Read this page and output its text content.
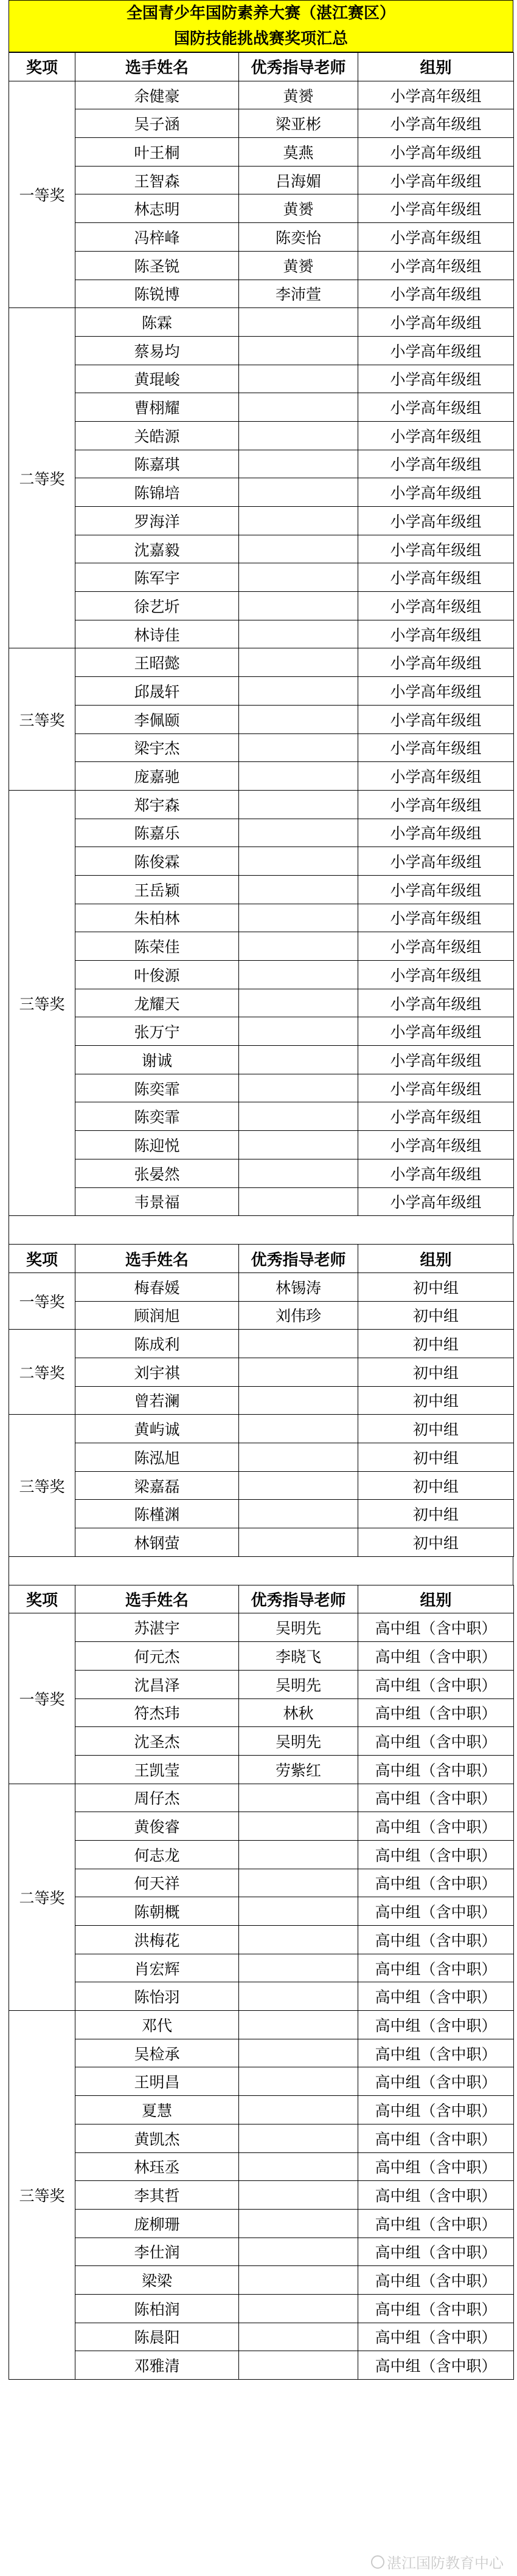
全国青少年国防素养大赛（湛江赛区）
国防技能挑战赛奖项汇总
奖项	选手姓名	优秀指导老师	组别
一等奖	余健豪	黄赟	小学高年级组
	吴子涵	梁亚彬	小学高年级组
	叶王桐	莫燕	小学高年级组
	王智森	吕海媚	小学高年级组
	林志明	黄赟	小学高年级组
	冯梓峰	陈奕怡	小学高年级组
	陈圣锐	黄赟	小学高年级组
	陈锐博	李沛萱	小学高年级组
二等奖	陈霖		小学高年级组
	蔡易均		小学高年级组
	黄琨峻		小学高年级组
	曹栩耀		小学高年级组
	关皓源		小学高年级组
	陈嘉琪		小学高年级组
	陈锦培		小学高年级组
	罗海洋		小学高年级组
	沈嘉毅		小学高年级组
	陈军宇		小学高年级组
	徐艺圻		小学高年级组
	林诗佳		小学高年级组
三等奖	王昭懿		小学高年级组
	邱晟轩		小学高年级组
	李佩颐		小学高年级组
	梁宇杰		小学高年级组
	庞嘉驰		小学高年级组
三等奖	郑宇森		小学高年级组
	陈嘉乐		小学高年级组
	陈俊霖		小学高年级组
	王岳颖		小学高年级组
	朱柏林		小学高年级组
	陈荣佳		小学高年级组
	叶俊源		小学高年级组
	龙耀天		小学高年级组
	张万宁		小学高年级组
	谢诚		小学高年级组
	陈奕霏		小学高年级组
	陈奕霏		小学高年级组
	陈迎悦		小学高年级组
	张晏然		小学高年级组
	韦景福		小学高年级组
奖项	选手姓名	优秀指导老师	组别
一等奖	梅春媛	林锡涛	初中组
	顾润旭	刘伟珍	初中组
二等奖	陈成利		初中组
	刘宇祺		初中组
	曾若澜		初中组
三等奖	黄屿诚		初中组
	陈泓旭		初中组
	梁嘉磊		初中组
	陈槿渊		初中组
	林钢萤		初中组
奖项	选手姓名	优秀指导老师	组别
一等奖	苏湛宇	吴明先	高中组（含中职）
	何元杰	李晓飞	高中组（含中职）
	沈昌泽	吴明先	高中组（含中职）
	符杰玮	林秋	高中组（含中职）
	沈圣杰	吴明先	高中组（含中职）
	王凯莹	劳紫红	高中组（含中职）
二等奖	周仔杰		高中组（含中职）
	黄俊睿		高中组（含中职）
	何志龙		高中组（含中职）
	何天祥		高中组（含中职）
	陈朝概		高中组（含中职）
	洪梅花		高中组（含中职）
	肖宏辉		高中组（含中职）
	陈怡羽		高中组（含中职）
三等奖	邓代		高中组（含中职）
	吴检承		高中组（含中职）
	王明昌		高中组（含中职）
	夏慧		高中组（含中职）
	黄凯杰		高中组（含中职）
	林珏丞		高中组（含中职）
	李其哲		高中组（含中职）
	庞柳珊		高中组（含中职）
	李仕润		高中组（含中职）
	梁梁		高中组（含中职）
	陈柏润		高中组（含中职）
	陈晨阳		高中组（含中职）
	邓雅清		高中组（含中职）
湛江国防教育中心
